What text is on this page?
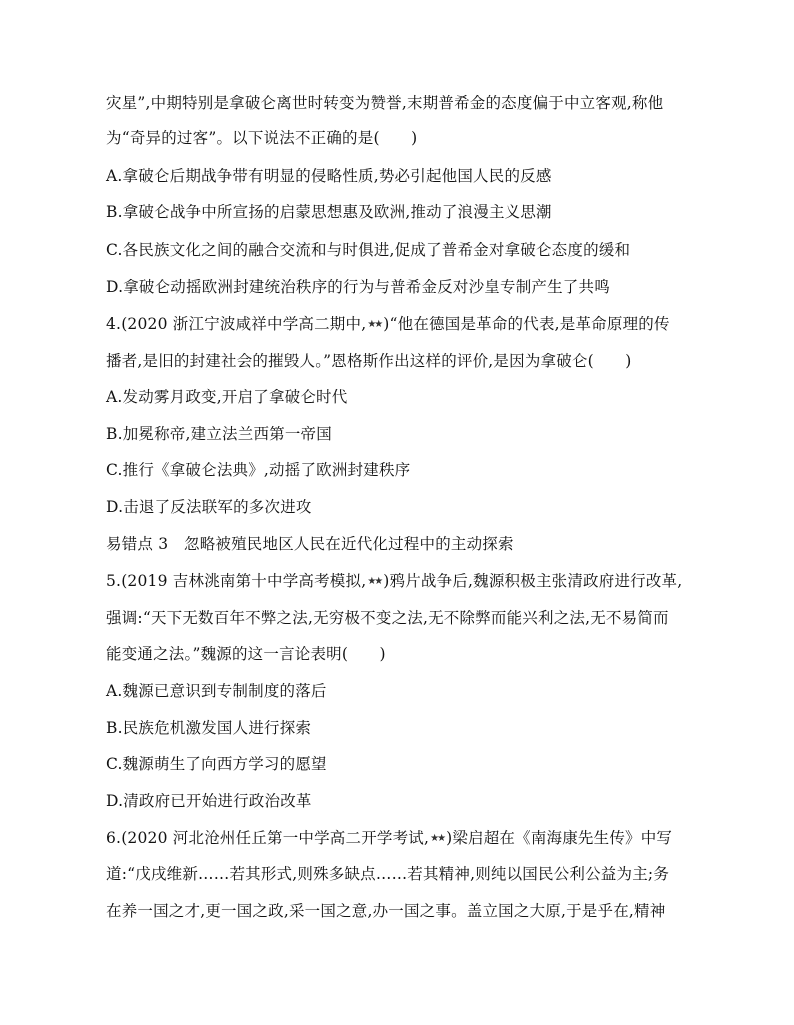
灾星”,中期特别是拿破仑离世时转变为赞誉,末期普希金的态度偏于中立客观,称他
为“奇异的过客”。以下说法不正确的是(　　)
A.拿破仑后期战争带有明显的侵略性质,势必引起他国人民的反感
B.拿破仑战争中所宣扬的启蒙思想惠及欧洲,推动了浪漫主义思潮
C.各民族文化之间的融合交流和与时俱进,促成了普希金对拿破仑态度的缓和
D.拿破仑动摇欧洲封建统治秩序的行为与普希金反对沙皇专制产生了共鸣
4.(2020 浙江宁波咸祥中学高二期中,★★ )“他在德国是革命的代表,是革命原理的传
播者,是旧的封建社会的摧毁人。”恩格斯作出这样的评价,是因为拿破仑(　　)
A.发动雾月政变,开启了拿破仑时代
B.加冕称帝,建立法兰西第一帝国
C.推行《拿破仑法典》,动摇了欧洲封建秩序
D.击退了反法联军的多次进攻
易错点 3　忽略被殖民地区人民在近代化过程中的主动探索
5.(2019 吉林洮南第十中学高考模拟,★★ )鸦片战争后,魏源积极主张清政府进行改革,
强调:“天下无数百年不弊之法,无穷极不变之法,无不除弊而能兴利之法,无不易简而
能变通之法。”魏源的这一言论表明(　　)
A.魏源已意识到专制制度的落后
B.民族危机激发国人进行探索
C.魏源萌生了向西方学习的愿望
D.清政府已开始进行政治改革
6.(2020 河北沧州任丘第一中学高二开学考试,★★ )梁启超在《南海康先生传》中写
道:“戊戌维新……若其形式,则殊多缺点……若其精神,则纯以国民公利公益为主;务
在养一国之才,更一国之政,采一国之意,办一国之事。盖立国之大原,于是乎在,精神
